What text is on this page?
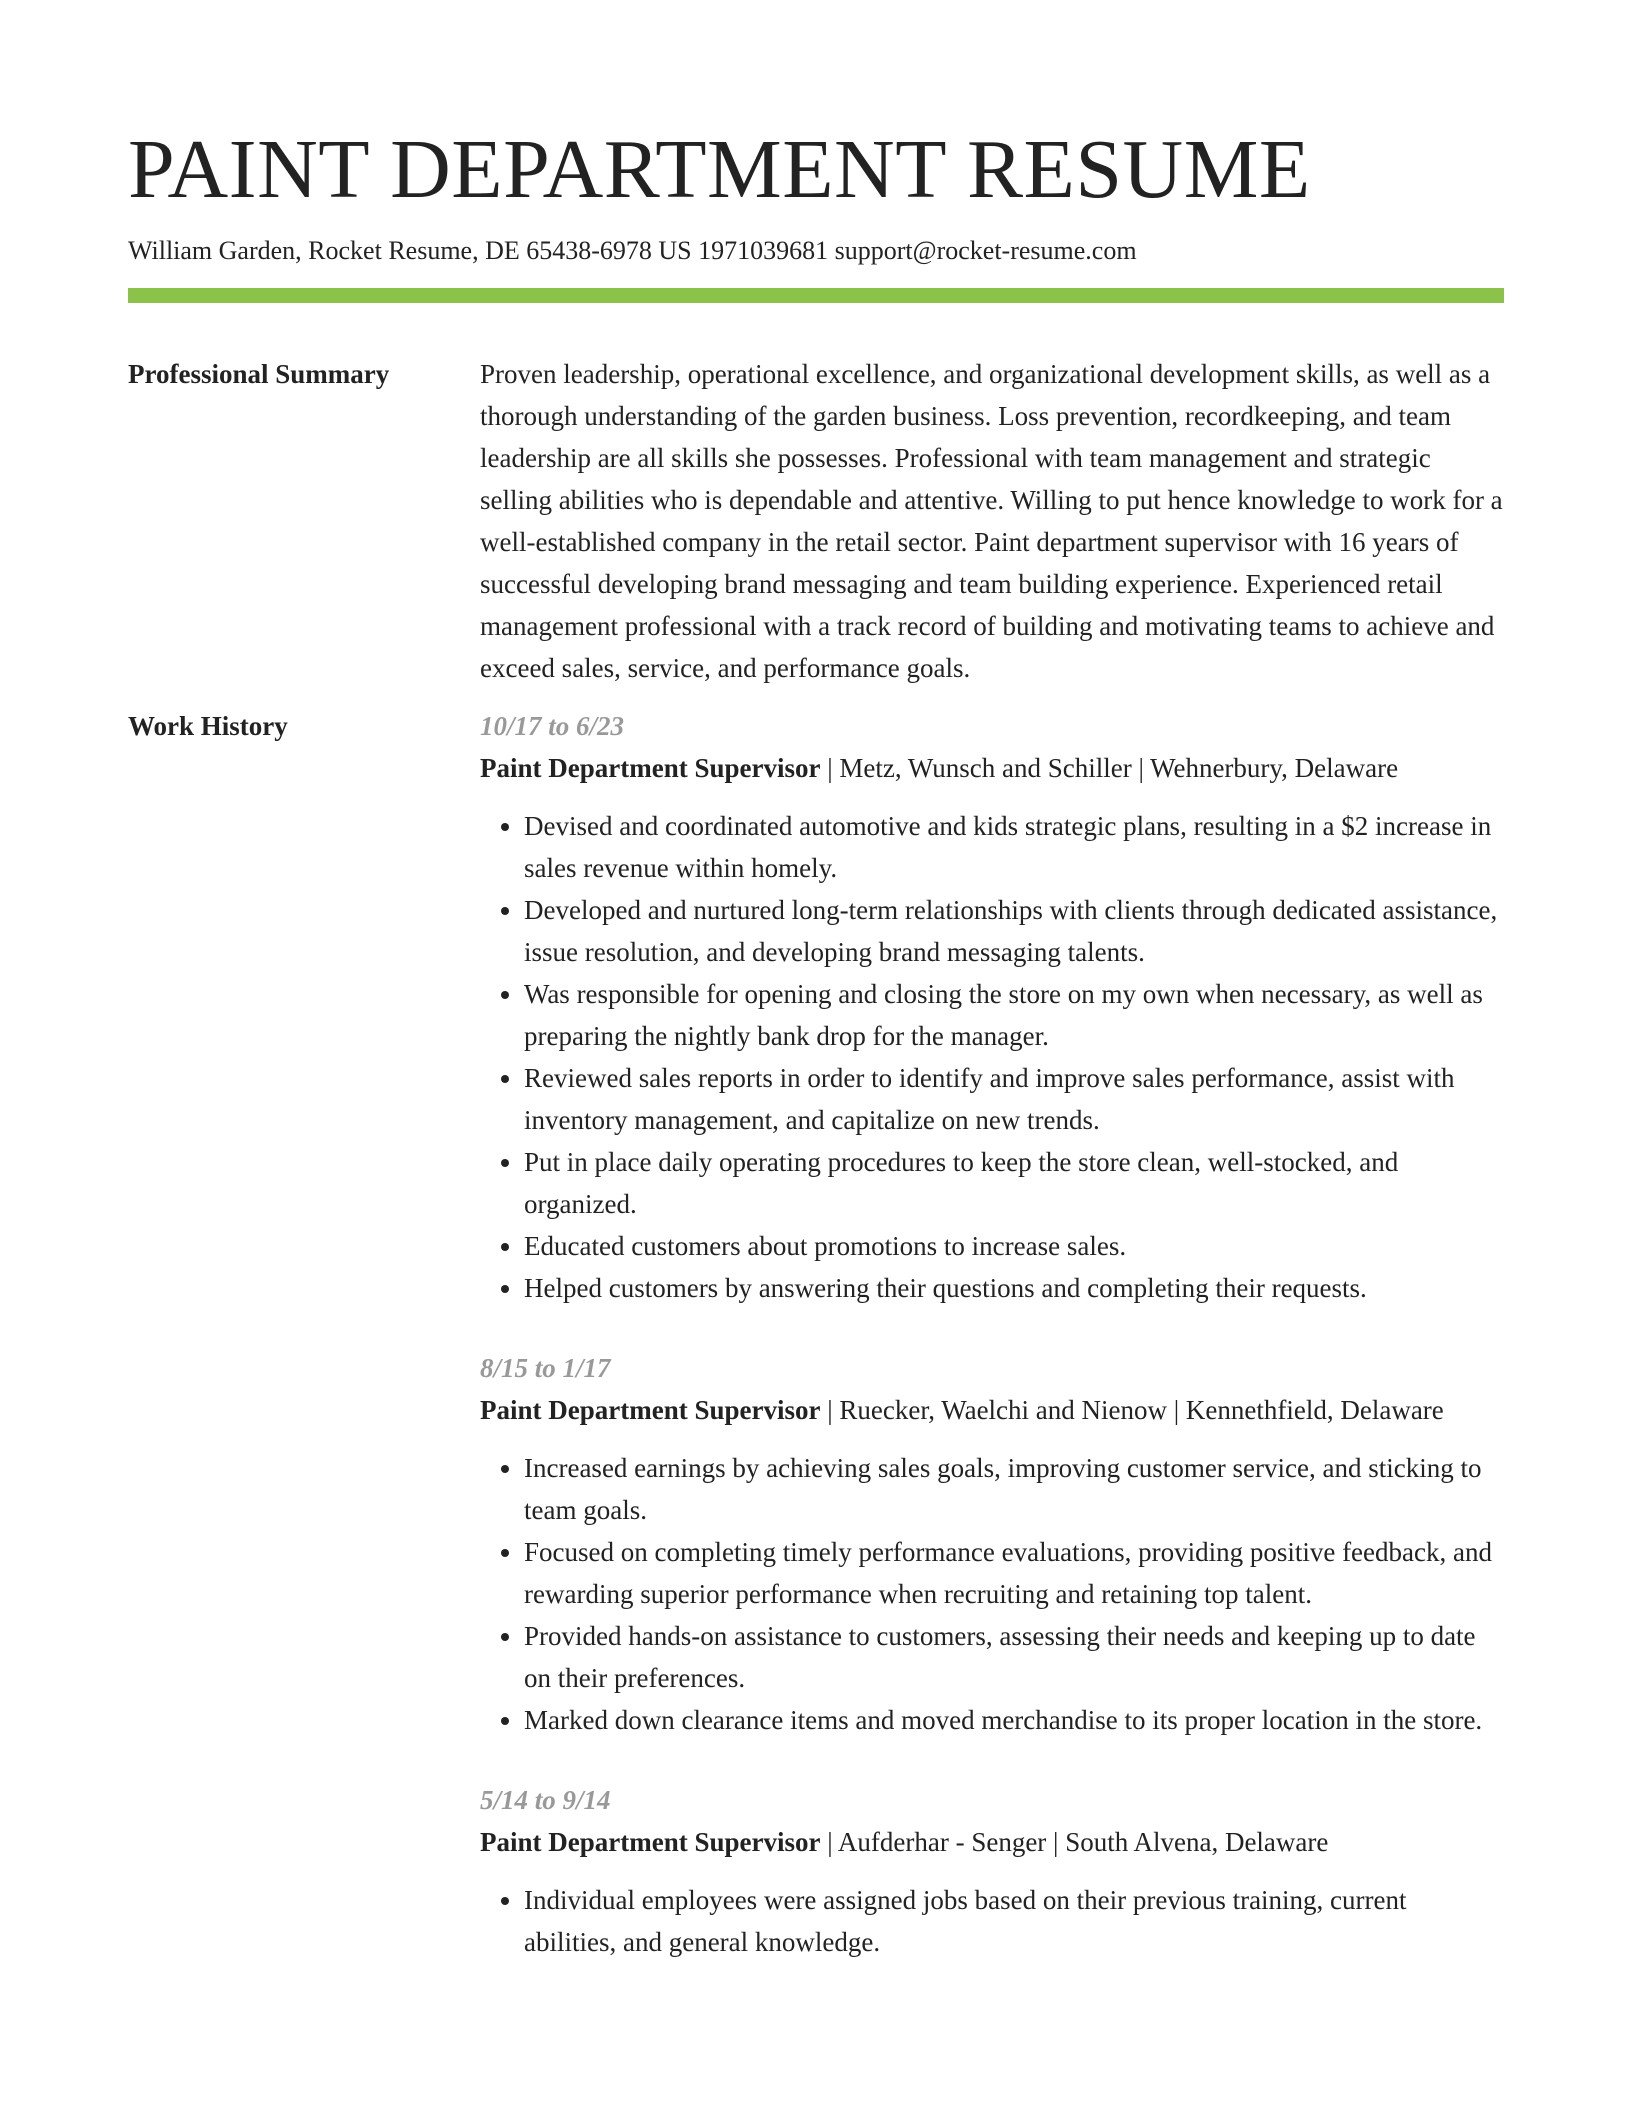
PAINT DEPARTMENT RESUME
William Garden, Rocket Resume, DE 65438-6978 US 1971039681 support@rocket-resume.com
Professional Summary	Proven leadership, operational excellence, and organizational development skills, as well as a thorough understanding of the garden business. Loss prevention, recordkeeping, and team leadership are all skills she possesses. Professional with team management and strategic selling abilities who is dependable and attentive. Willing to put hence knowledge to work for a well-established company in the retail sector. Paint department supervisor with 16 years of successful developing brand messaging and team building experience. Experienced retail management professional with a track record of building and motivating teams to achieve and exceed sales, service, and performance goals.
Work History	10/17 to 6/23
Paint Department Supervisor | Metz, Wunsch and Schiller | Wehnerbury, Delaware
• Devised and coordinated automotive and kids strategic plans, resulting in a $2 increase in sales revenue within homely.
• Developed and nurtured long-term relationships with clients through dedicated assistance, issue resolution, and developing brand messaging talents.
• Was responsible for opening and closing the store on my own when necessary, as well as preparing the nightly bank drop for the manager.
• Reviewed sales reports in order to identify and improve sales performance, assist with inventory management, and capitalize on new trends.
• Put in place daily operating procedures to keep the store clean, well-stocked, and organized.
• Educated customers about promotions to increase sales.
• Helped customers by answering their questions and completing their requests.
8/15 to 1/17
Paint Department Supervisor | Ruecker, Waelchi and Nienow | Kennethfield, Delaware
• Increased earnings by achieving sales goals, improving customer service, and sticking to team goals.
• Focused on completing timely performance evaluations, providing positive feedback, and rewarding superior performance when recruiting and retaining top talent.
• Provided hands-on assistance to customers, assessing their needs and keeping up to date on their preferences.
• Marked down clearance items and moved merchandise to its proper location in the store.
5/14 to 9/14
Paint Department Supervisor | Aufderhar - Senger | South Alvena, Delaware
• Individual employees were assigned jobs based on their previous training, current abilities, and general knowledge.
